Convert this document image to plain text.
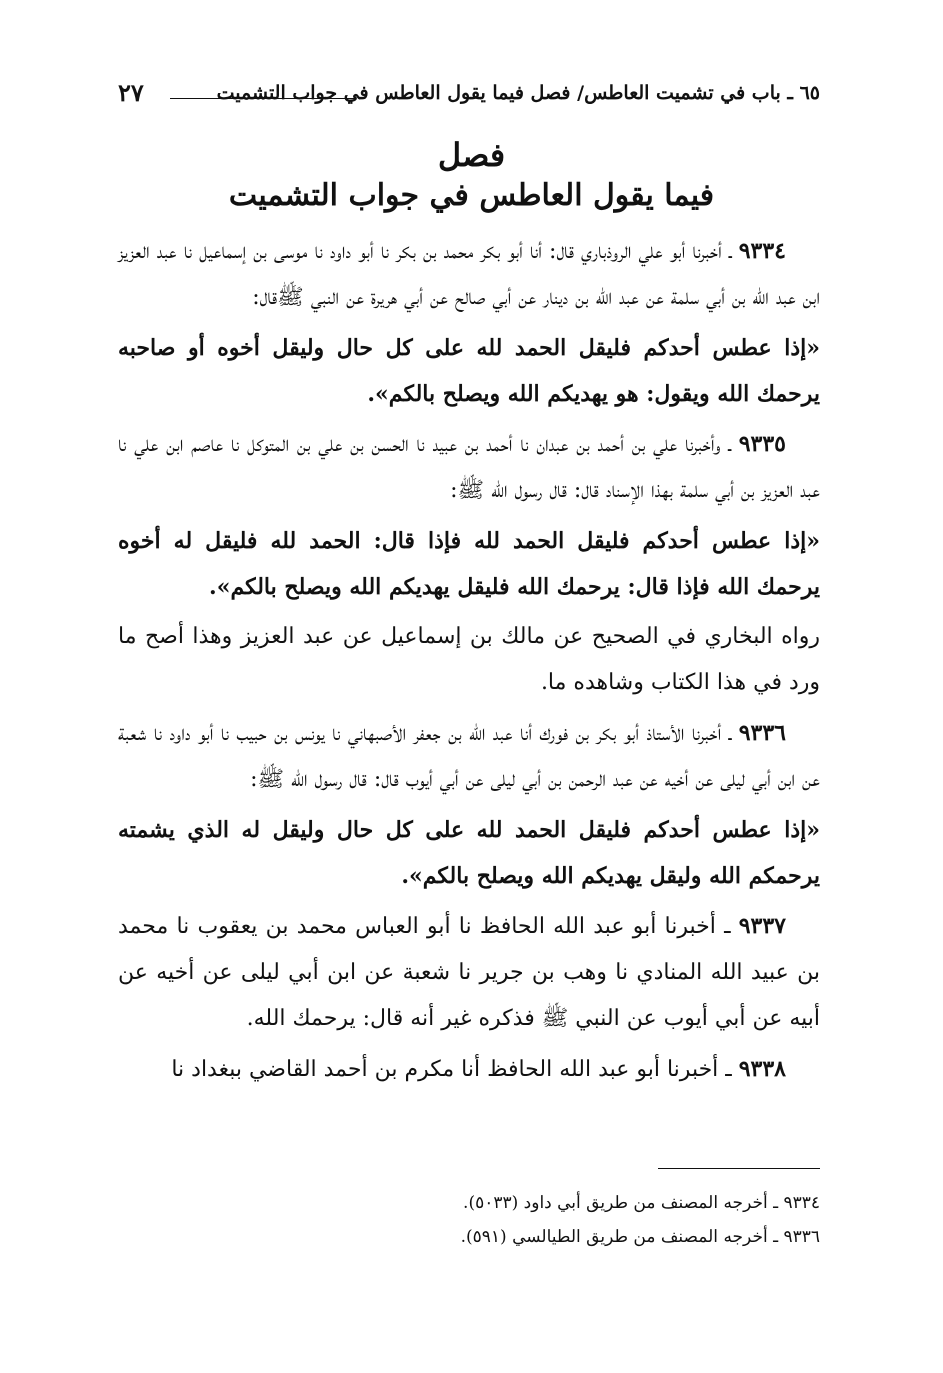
٦٥ ـ باب في تشميت العاطس/ فصل فيما يقول العاطس في جواب التشميت
٢٧
فصل
فيما يقول العاطس في جواب التشميت

٩٣٣٤ ـ أخبرنا أبو علي الروذباري قال: أنا أبو بكر محمد بن بكر نا أبو داود نا موسى بن إسماعيل نا عبد العزيز ابن عبد الله بن أبي سلمة عن عبد الله بن دينار عن أبي صالح عن أبي هريرة عن النبي ﷺقال:

«إذا عطس أحدكم فليقل الحمد لله على كل حال وليقل أخوه أو صاحبه يرحمك الله ويقول: هو يهديكم الله ويصلح بالكم».

٩٣٣٥ ـ وأخبرنا علي بن أحمد بن عبدان نا أحمد بن عبيد نا الحسن بن علي بن المتوكل نا عاصم ابن علي نا عبد العزيز بن أبي سلمة بهذا الإسناد قال: قال رسول الله ﷺ:

«إذا عطس أحدكم فليقل الحمد لله فإذا قال: الحمد لله فليقل له أخوه يرحمك الله فإذا قال: يرحمك الله فليقل يهديكم الله ويصلح بالكم».

رواه البخاري في الصحيح عن مالك بن إسماعيل عن عبد العزيز وهذا أصح ما ورد في هذا الكتاب وشاهده ما.

٩٣٣٦ ـ أخبرنا الأستاذ أبو بكر بن فورك أنا عبد الله بن جعفر الأصبهاني نا يونس بن حبيب نا أبو داود نا شعبة عن ابن أبي ليلى عن أخيه عن عبد الرحمن بن أبي ليلى عن أبي أيوب قال: قال رسول الله ﷺ:

«إذا عطس أحدكم فليقل الحمد لله على كل حال وليقل له الذي يشمته يرحمكم الله وليقل يهديكم الله ويصلح بالكم».

٩٣٣٧ ـ أخبرنا أبو عبد الله الحافظ نا أبو العباس محمد بن يعقوب نا محمد بن عبيد الله المنادي نا وهب بن جرير نا شعبة عن ابن أبي ليلى عن أخيه عن أبيه عن أبي أيوب عن النبي ﷺ فذكره غير أنه قال: يرحمك الله.

٩٣٣٨ ـ أخبرنا أبو عبد الله الحافظ أنا مكرم بن أحمد القاضي ببغداد نا

٩٣٣٤ ـ أخرجه المصنف من طريق أبي داود (٥٠٣٣).
٩٣٣٦ ـ أخرجه المصنف من طريق الطيالسي (٥٩١).
